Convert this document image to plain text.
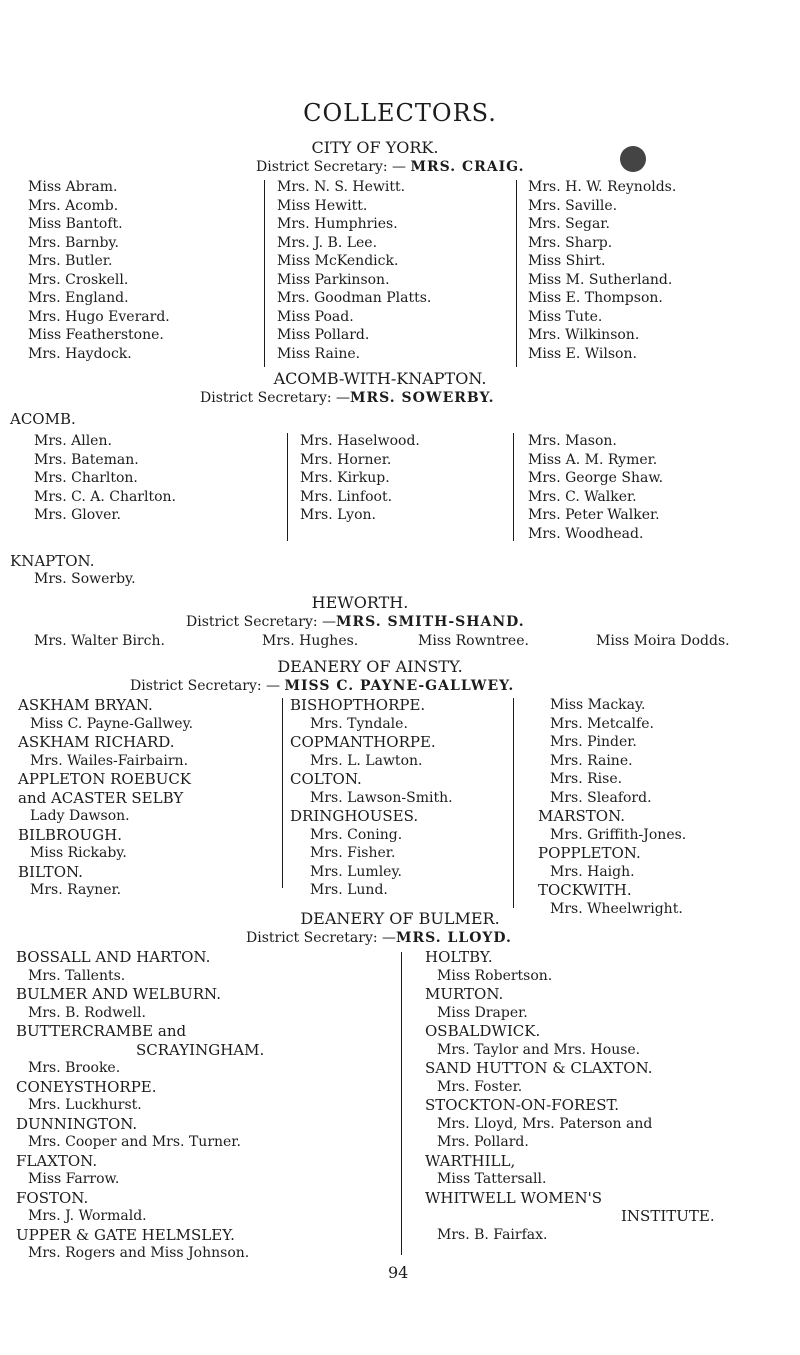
COLLECTORS.
CITY OF YORK.
District Secretary: — MRS. CRAIG.
Miss Abram.
Mrs. Acomb.
Miss Bantoft.
Mrs. Barnby.
Mrs. Butler.
Mrs. Croskell.
Mrs. England.
Mrs. Hugo Everard.
Miss Featherstone.
Mrs. Haydock.
Mrs. N. S. Hewitt.
Miss Hewitt.
Mrs. Humphries.
Mrs. J. B. Lee.
Miss McKendick.
Miss Parkinson.
Mrs. Goodman Platts.
Miss Poad.
Miss Pollard.
Miss Raine.
Mrs. H. W. Reynolds.
Mrs. Saville.
Mrs. Segar.
Mrs. Sharp.
Miss Shirt.
Miss M. Sutherland.
Miss E. Thompson.
Miss Tute.
Mrs. Wilkinson.
Miss E. Wilson.
ACOMB-WITH-KNAPTON.
District Secretary: —MRS. SOWERBY.
ACOMB.
Mrs. Allen.
Mrs. Bateman.
Mrs. Charlton.
Mrs. C. A. Charlton.
Mrs. Glover.
Mrs. Haselwood.
Mrs. Horner.
Mrs. Kirkup.
Mrs. Linfoot.
Mrs. Lyon.
Mrs. Mason.
Miss A. M. Rymer.
Mrs. George Shaw.
Mrs. C. Walker.
Mrs. Peter Walker.
Mrs. Woodhead.
KNAPTON.
Mrs. Sowerby.
HEWORTH.
District Secretary: —MRS. SMITH-SHAND.
Mrs. Walter Birch.	Mrs. Hughes.	Miss Rowntree.	Miss Moira Dodds.
DEANERY OF AINSTY.
District Secretary: — MISS C. PAYNE-GALLWEY.
ASKHAM BRYAN.
Miss C. Payne-Gallwey.
ASKHAM RICHARD.
Mrs. Wailes-Fairbairn.
APPLETON ROEBUCK
and ACASTER SELBY
Lady Dawson.
BILBROUGH.
Miss Rickaby.
BILTON.
Mrs. Rayner.
BISHOPTHORPE.
Mrs. Tyndale.
COPMANTHORPE.
Mrs. L. Lawton.
COLTON.
Mrs. Lawson-Smith.
DRINGHOUSES.
Mrs. Coning.
Mrs. Fisher.
Mrs. Lumley.
Mrs. Lund.
Miss Mackay.
Mrs. Metcalfe.
Mrs. Pinder.
Mrs. Raine.
Mrs. Rise.
Mrs. Sleaford.
MARSTON.
Mrs. Griffith-Jones.
POPPLETON.
Mrs. Haigh.
TOCKWITH.
Mrs. Wheelwright.
DEANERY OF BULMER.
District Secretary: —MRS. LLOYD.
BOSSALL AND HARTON.
Mrs. Tallents.
BULMER AND WELBURN.
Mrs. B. Rodwell.
BUTTERCRAMBE and
SCRAYINGHAM.
Mrs. Brooke.
CONEYSTHORPE.
Mrs. Luckhurst.
DUNNINGTON.
Mrs. Cooper and Mrs. Turner.
FLAXTON.
Miss Farrow.
FOSTON.
Mrs. J. Wormald.
UPPER & GATE HELMSLEY.
Mrs. Rogers and Miss Johnson.
HOLTBY.
Miss Robertson.
MURTON.
Miss Draper.
OSBALDWICK.
Mrs. Taylor and Mrs. House.
SAND HUTTON & CLAXTON.
Mrs. Foster.
STOCKTON-ON-FOREST.
Mrs. Lloyd, Mrs. Paterson and
Mrs. Pollard.
WARTHILL,
Miss Tattersall.
WHITWELL WOMEN'S
INSTITUTE.
Mrs. B. Fairfax.
94
